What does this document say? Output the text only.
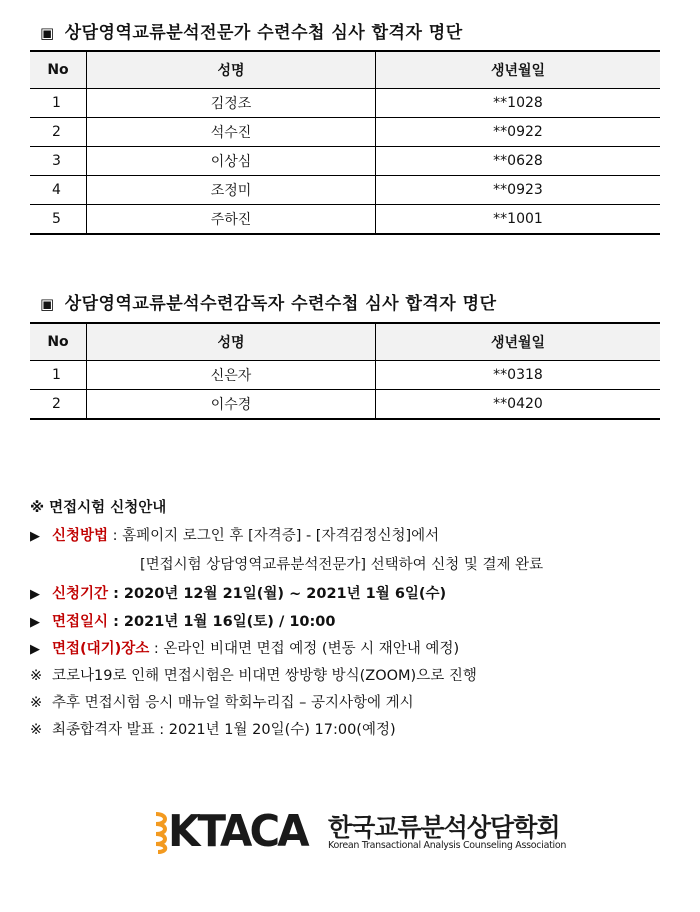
▣ 상담영역교류분석전문가 수련수첩 심사 합격자 명단
No	성명	생년월일
1	김정조	**1028
2	석수진	**0922
3	이상심	**0628
4	조정미	**0923
5	주하진	**1001
▣ 상담영역교류분석수련감독자 수련수첩 심사 합격자 명단
No	성명	생년월일
1	신은자	**0318
2	이수경	**0420
※ 면접시험 신청안내
▶ 신청방법 : 홈페이지 로그인 후 [자격증] - [자격검정신청]에서
[면접시험 상담영역교류분석전문가] 선택하여 신청 및 결제 완료
▶ 신청기간 : 2020년 12월 21일(월) ~ 2021년 1월 6일(수)
▶ 면접일시 : 2021년 1월 16일(토) / 10:00
▶ 면접(대기)장소 : 온라인 비대면 면접 예정 (변동 시 재안내 예정)
※ 코로나19로 인해 면접시험은 비대면 쌍방향 방식(ZOOM)으로 진행
※ 추후 면접시험 응시 매뉴얼 학회누리집 – 공지사항에 게시
※ 최종합격자 발표 : 2021년 1월 20일(수) 17:00(예정)
KTACA 한국교류분석상담학회
Korean Transactional Analysis Counseling Association
